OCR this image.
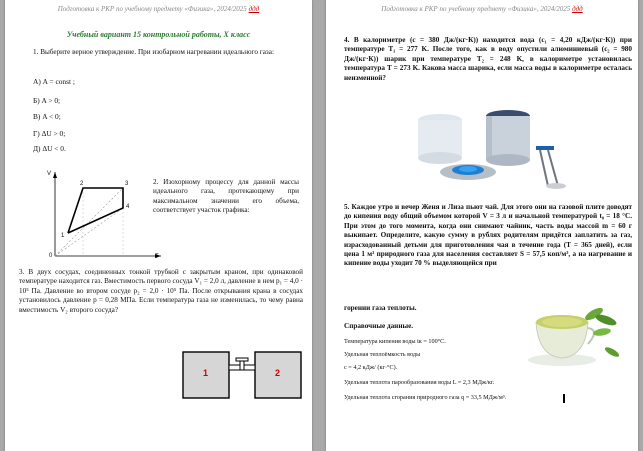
Подготовка к РКР по учебному предмету «Физика», 2024/2025 ддд
Учебный вариант 15 контрольной работы, Х класс
1. Выберите верное утверждение. При изобарном нагревании идеального газа:
А) A = const ;
Б) A > 0;
В) A < 0;
Г) ΔU > 0;
Д) ΔU < 0.
V
T
0
1
2	3
4
2. Изохорному процессу для данной массы идеального газа, протекающему при максимальном значении его объема, соответствует участок графика:
3. В двух сосудах, соединенных тонкой трубкой с закрытым краном, при одинаковой температуре находится газ. Вместимость первого сосуда V₁ = 2,0 л, давление в нем p₁ = 4,0 · 10⁵ Па. Давление во втором сосуде p₂ = 2,0 · 10⁵ Па. После открывания крана в сосудах установилось давление p = 0,28 МПа. Если температура газа не изменилась, то чему равна вместимость V₂ второго сосуда?
1	2
Подготовка к РКР по учебному предмету «Физика», 2024/2025 ддд
4. В калориметре (c = 380 Дж/(кг·К)) находится вода (c₁ = 4,20 кДж/(кг·К)) при температуре T₁ = 277 K. После того, как в воду опустили алюминиевый (c₂ = 980 Дж/(кг·К)) шарик при температуре T₂ = 248 K, в калориметре установилась температура T = 273 K. Какова масса шарика, если масса воды в калориметре осталась неизменной?
5. Каждое утро и вечер Женя и Лиза пьют чай. Для этого они на газовой плите доводят до кипения воду общий объемом которой V = 3 л и начальной температурой t₀ = 18 °С. При этом до того момента, когда они снимают чайник, часть воды массой m = 60 г выкипает. Определите, какую сумму в рублях родителям придётся заплатить за газ, израсходованный детьми для приготовления чая в течение года (T = 365 дней), если цена 1 м³ природного газа для населения составляет S = 57,5 коп/м³, а на нагревание и кипение воды уходит 70 % выделяющейся при
горении газа теплоты.
Справочные данные.
Температура кипения воды tк = 100°С.
Удельная теплоёмкость воды
c = 4,2 кДж/ (кг·°С).
Удельная теплота парообразования воды L = 2,3 МДж/кг.
Удельная теплота сгорания природного газа q = 33,5 МДж/м³.
